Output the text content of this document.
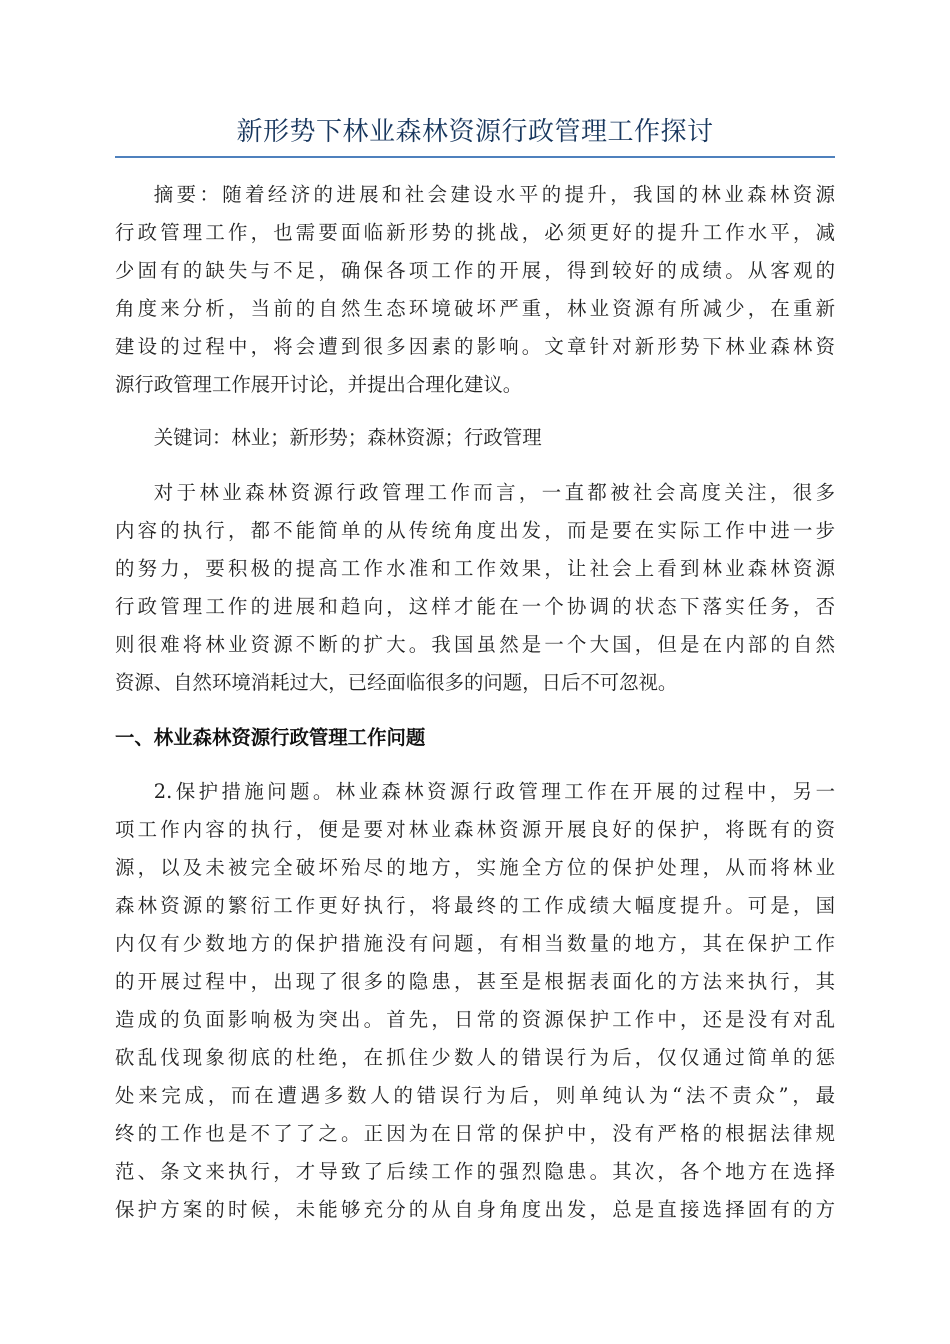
新形势下林业森林资源行政管理工作探讨
摘要：随着经济的进展和社会建设水平的提升，我国的林业森林资源
行政管理工作，也需要面临新形势的挑战，必须更好的提升工作水平，减
少固有的缺失与不足，确保各项工作的开展，得到较好的成绩。从客观的
角度来分析，当前的自然生态环境破坏严重，林业资源有所减少，在重新
建设的过程中，将会遭到很多因素的影响。文章针对新形势下林业森林资
源行政管理工作展开讨论，并提出合理化建议。
关键词：林业；新形势；森林资源；行政管理
对于林业森林资源行政管理工作而言，一直都被社会高度关注，很多
内容的执行，都不能简单的从传统角度出发，而是要在实际工作中进一步
的努力，要积极的提高工作水准和工作效果，让社会上看到林业森林资源
行政管理工作的进展和趋向，这样才能在一个协调的状态下落实任务，否
则很难将林业资源不断的扩大。我国虽然是一个大国，但是在内部的自然
资源、自然环境消耗过大，已经面临很多的问题，日后不可忽视。
一、林业森林资源行政管理工作问题
2.保护措施问题。林业森林资源行政管理工作在开展的过程中，另一
项工作内容的执行，便是要对林业森林资源开展良好的保护，将既有的资
源，以及未被完全破坏殆尽的地方，实施全方位的保护处理，从而将林业
森林资源的繁衍工作更好执行，将最终的工作成绩大幅度提升。可是，国
内仅有少数地方的保护措施没有问题，有相当数量的地方，其在保护工作
的开展过程中，出现了很多的隐患，甚至是根据表面化的方法来执行，其
造成的负面影响极为突出。首先，日常的资源保护工作中，还是没有对乱
砍乱伐现象彻底的杜绝，在抓住少数人的错误行为后，仅仅通过简单的惩
处来完成，而在遭遇多数人的错误行为后，则单纯认为“法不责众”，最
终的工作也是不了了之。正因为在日常的保护中，没有严格的根据法律规
范、条文来执行，才导致了后续工作的强烈隐患。其次，各个地方在选择
保护方案的时候，未能够充分的从自身角度出发，总是直接选择固有的方
